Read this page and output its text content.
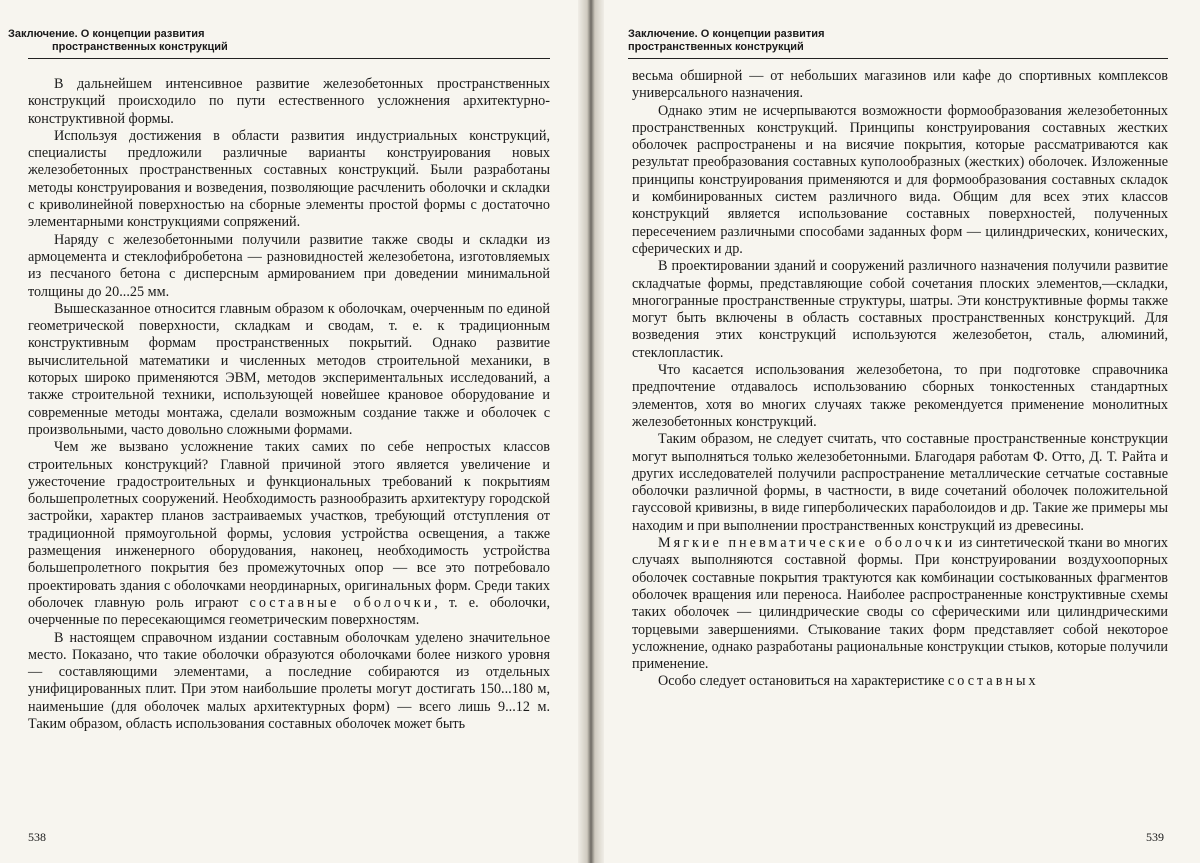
Заключение. О концепции развития
пространственных конструкций

В дальнейшем интенсивное развитие железобетонных пространственных конструкций происходило по пути естественного усложнения архитектурно-конструктивной формы.

Используя достижения в области развития индустриальных конструкций, специалисты предложили различные варианты конструирования новых железобетонных пространственных составных конструкций. Были разработаны методы конструирования и возведения, позволяющие расчленить оболочки и складки с криволинейной поверхностью на сборные элементы простой формы с достаточно элементарными конструкциями сопряжений.

Наряду с железобетонными получили развитие также своды и складки из армоцемента и стеклофибробетона — разновидностей железобетона, изготовляемых из песчаного бетона с дисперсным армированием при доведении минимальной толщины до 20...25 мм.

Вышесказанное относится главным образом к оболочкам, очерченным по единой геометрической поверхности, складкам и сводам, т. е. к традиционным конструктивным формам пространственных покрытий. Однако развитие вычислительной математики и численных методов строительной механики, в которых широко применяются ЭВМ, методов экспериментальных исследований, а также строительной техники, использующей новейшее крановое оборудование и современные методы монтажа, сделали возможным создание также и оболочек с произвольными, часто довольно сложными формами.

Чем же вызвано усложнение таких самих по себе непростых классов строительных конструкций? Главной причиной этого является увеличение и ужесточение градостроительных и функциональных требований к покрытиям большепролетных сооружений. Необходимость разнообразить архитектуру городской застройки, характер планов застраиваемых участков, требующий отступления от традиционной прямоугольной формы, условия устройства освещения, а также размещения инженерного оборудования, наконец, необходимость устройства большепролетного покрытия без промежуточных опор — все это потребовало проектировать здания с оболочками неординарных, оригинальных форм. Среди таких оболочек главную роль играют составные оболочки, т. е. оболочки, очерченные по пересекающимся геометрическим поверхностям.

В настоящем справочном издании составным оболочкам уделено значительное место. Показано, что такие оболочки образуются оболочками более низкого уровня — составляющими элементами, а последние собираются из отдельных унифицированных плит. При этом наибольшие пролеты могут достигать 150...180 м, наименьшие (для оболочек малых архитектурных форм) — всего лишь 9...12 м. Таким образом, область использования составных оболочек может быть

538
Заключение. О концепции развития
пространственных конструкций

весьма обширной — от небольших магазинов или кафе до спортивных комплексов универсального назначения.

Однако этим не исчерпываются возможности формообразования железобетонных пространственных конструкций. Принципы конструирования составных жестких оболочек распространены и на висячие покрытия, которые рассматриваются как результат преобразования составных куполообразных (жестких) оболочек. Изложенные принципы конструирования применяются и для формообразования составных складок и комбинированных систем различного вида. Общим для всех этих классов конструкций является использование составных поверхностей, полученных пересечением различными способами заданных форм — цилиндрических, конических, сферических и др.

В проектировании зданий и сооружений различного назначения получили развитие складчатые формы, представляющие собой сочетания плоских элементов,—складки, многогранные пространственные структуры, шатры. Эти конструктивные формы также могут быть включены в область составных пространственных конструкций. Для возведения этих конструкций используются железобетон, сталь, алюминий, стеклопластик.

Что касается использования железобетона, то при подготовке справочника предпочтение отдавалось использованию сборных тонкостенных стандартных элементов, хотя во многих случаях также рекомендуется применение монолитных железобетонных конструкций.

Таким образом, не следует считать, что составные пространственные конструкции могут выполняться только железобетонными. Благодаря работам Ф. Отто, Д. Т. Райта и других исследователей получили распространение металлические сетчатые составные оболочки различной формы, в частности, в виде сочетаний оболочек положительной гауссовой кривизны, в виде гиперболических параболоидов и др. Такие же примеры мы находим и при выполнении пространственных конструкций из древесины.

Мягкие пневматические оболочки из синтетической ткани во многих случаях выполняются составной формы. При конструировании воздухоопорных оболочек составные покрытия трактуются как комбинации состыкованных фрагментов оболочек вращения или переноса. Наиболее распространенные конструктивные схемы таких оболочек — цилиндрические своды со сферическими или цилиндрическими торцевыми завершениями. Стыкование таких форм представляет собой некоторое усложнение, однако разработаны рациональные конструкции стыков, которые получили применение.

Особо следует остановиться на характеристике составных

539
